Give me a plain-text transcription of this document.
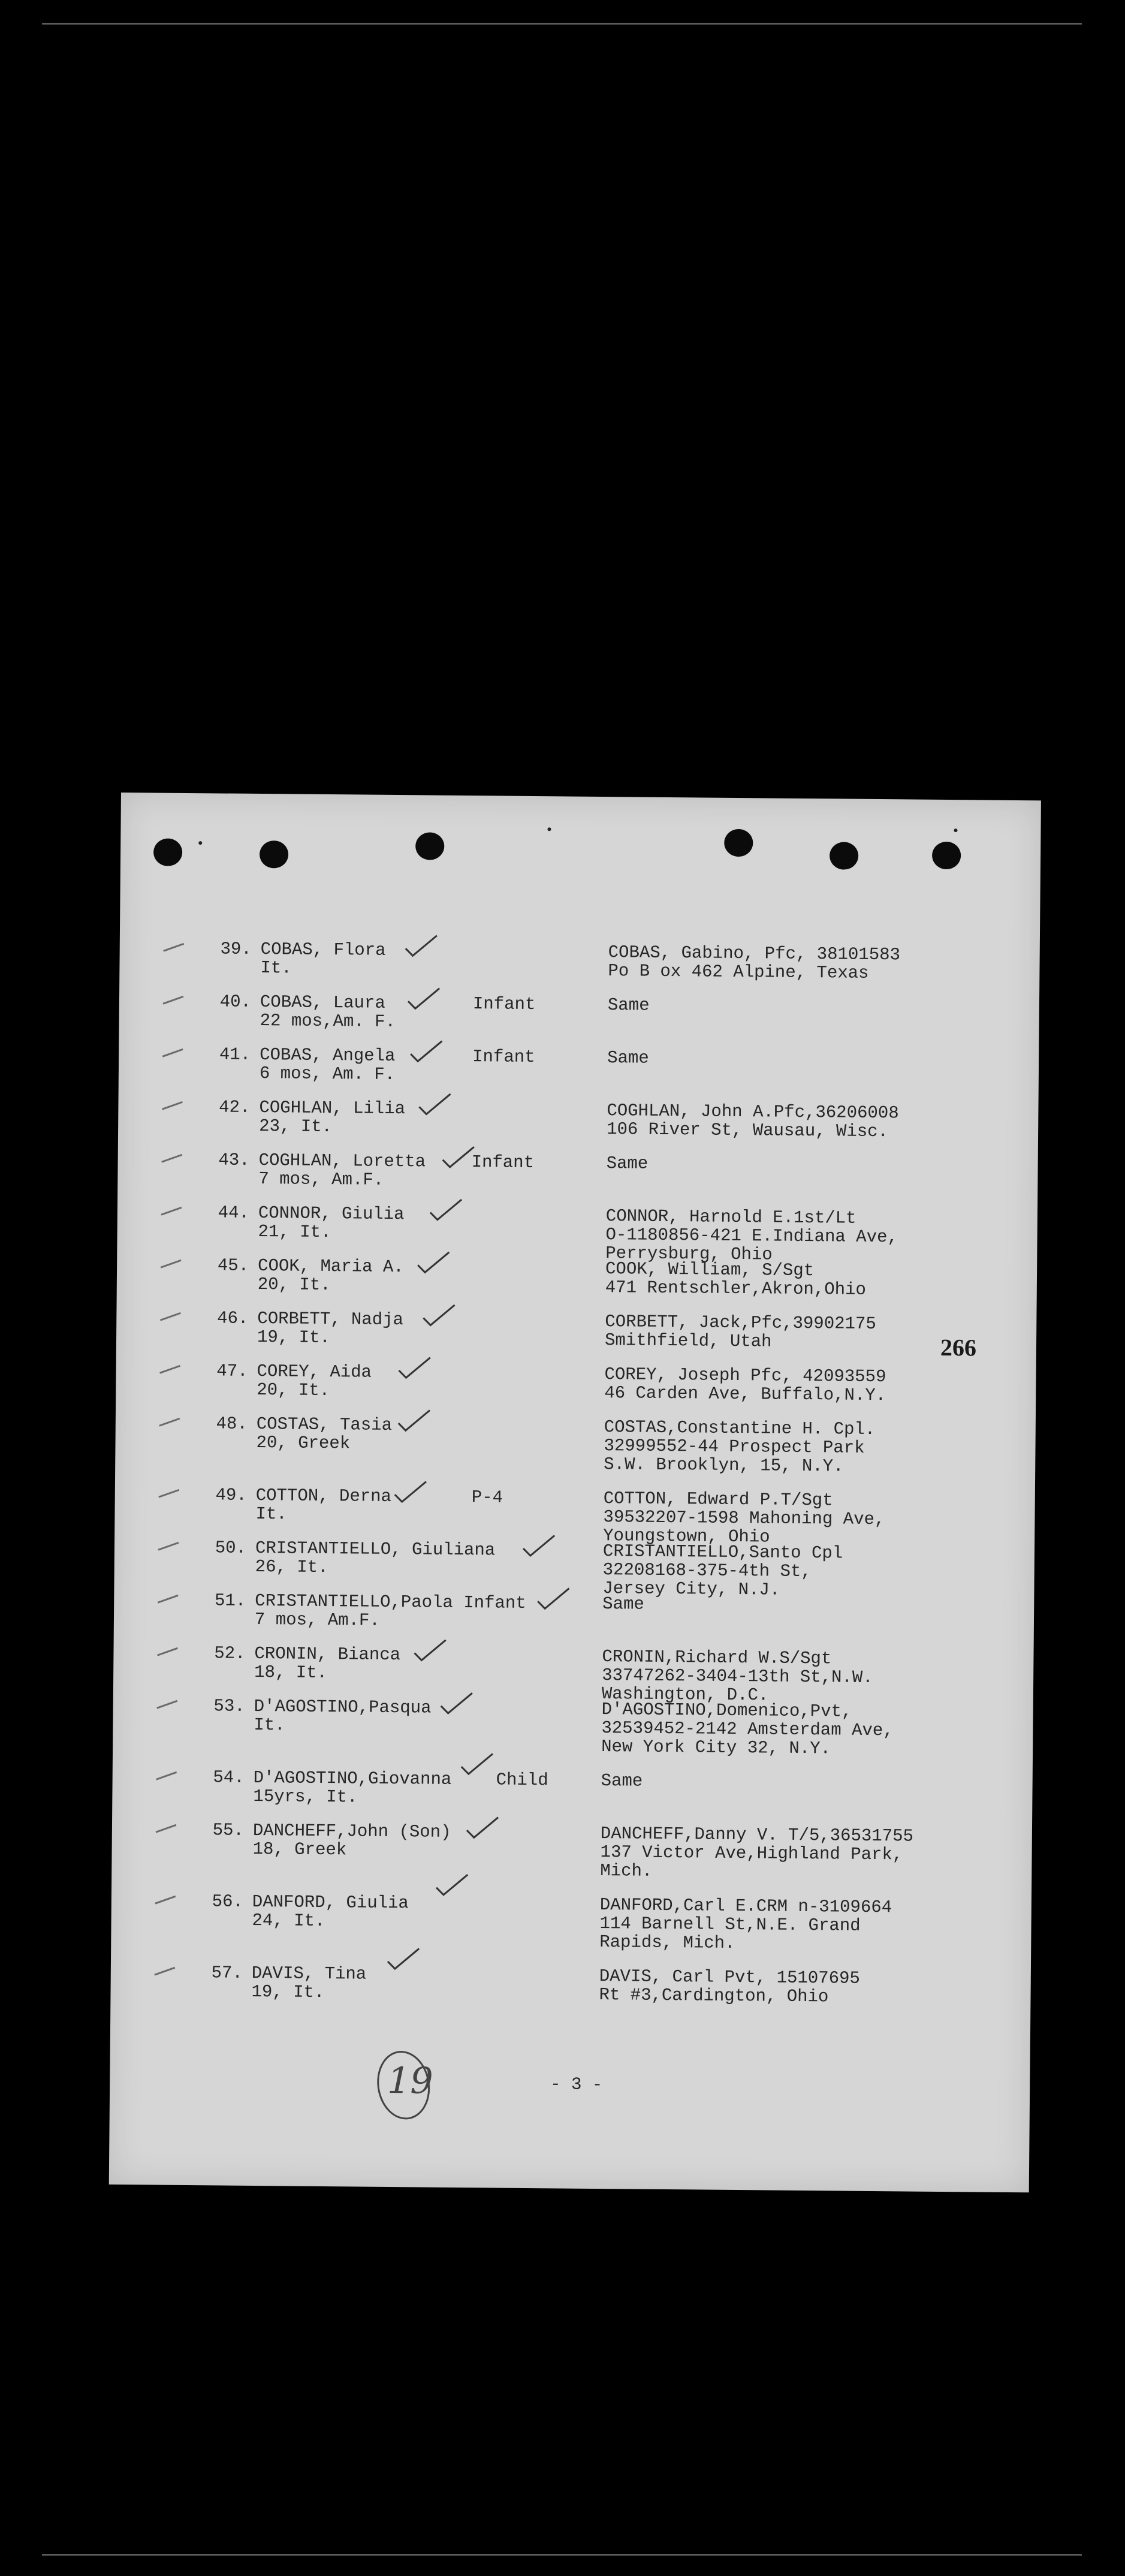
266
39. COBAS, Flora
It.
COBAS, Gabino, Pfc, 38101583
Po B ox 462 Alpine, Texas
40. COBAS, Laura
22 mos,Am. F.
Infant	Same
41. COBAS, Angela
6 mos, Am. F.
Infant	Same
42. COGHLAN, Lilia
23, It.
COGHLAN, John A.Pfc,36206008
106 River St, Wausau, Wisc.
43. COGHLAN, Loretta
7 mos, Am.F.
Infant	Same
44. CONNOR, Giulia
21, It.
CONNOR, Harnold E.1st/Lt
O-1180856-421 E.Indiana Ave,
Perrysburg, Ohio
45. COOK, Maria A.
20, It.
COOK, William, S/Sgt
471 Rentschler,Akron,Ohio
46. CORBETT, Nadja
19, It.
CORBETT, Jack,Pfc,39902175
Smithfield, Utah
47. COREY, Aida
20, It.
COREY, Joseph Pfc, 42093559
46 Carden Ave, Buffalo,N.Y.
48. COSTAS, Tasia
20, Greek
COSTAS,Constantine H. Cpl.
32999552-44 Prospect Park
S.W. Brooklyn, 15, N.Y.
49. COTTON, Derna
It.
P-4	COTTON, Edward P.T/Sgt
39532207-1598 Mahoning Ave,
Youngstown, Ohio
50. CRISTANTIELLO, Giuliana
26, It.
CRISTANTIELLO,Santo Cpl
32208168-375-4th St,
Jersey City, N.J.
51. CRISTANTIELLO,Paola Infant
7 mos, Am.F.
Same
52. CRONIN, Bianca
18, It.
CRONIN,Richard W.S/Sgt
33747262-3404-13th St,N.W.
Washington, D.C.
53. D'AGOSTINO,Pasqua
It.
D'AGOSTINO,Domenico,Pvt,
32539452-2142 Amsterdam Ave,
New York City 32, N.Y.
54. D'AGOSTINO,Giovanna
15yrs, It.
Child	Same
55. DANCHEFF,John (Son)
18, Greek
DANCHEFF,Danny V. T/5,36531755
137 Victor Ave,Highland Park,
Mich.
56. DANFORD, Giulia
24, It.
DANFORD,Carl E.CRM n-3109664
114 Barnell St,N.E. Grand
Rapids, Mich.
57. DAVIS, Tina
19, It.
DAVIS, Carl Pvt, 15107695
Rt #3,Cardington, Ohio
19	- 3 -
